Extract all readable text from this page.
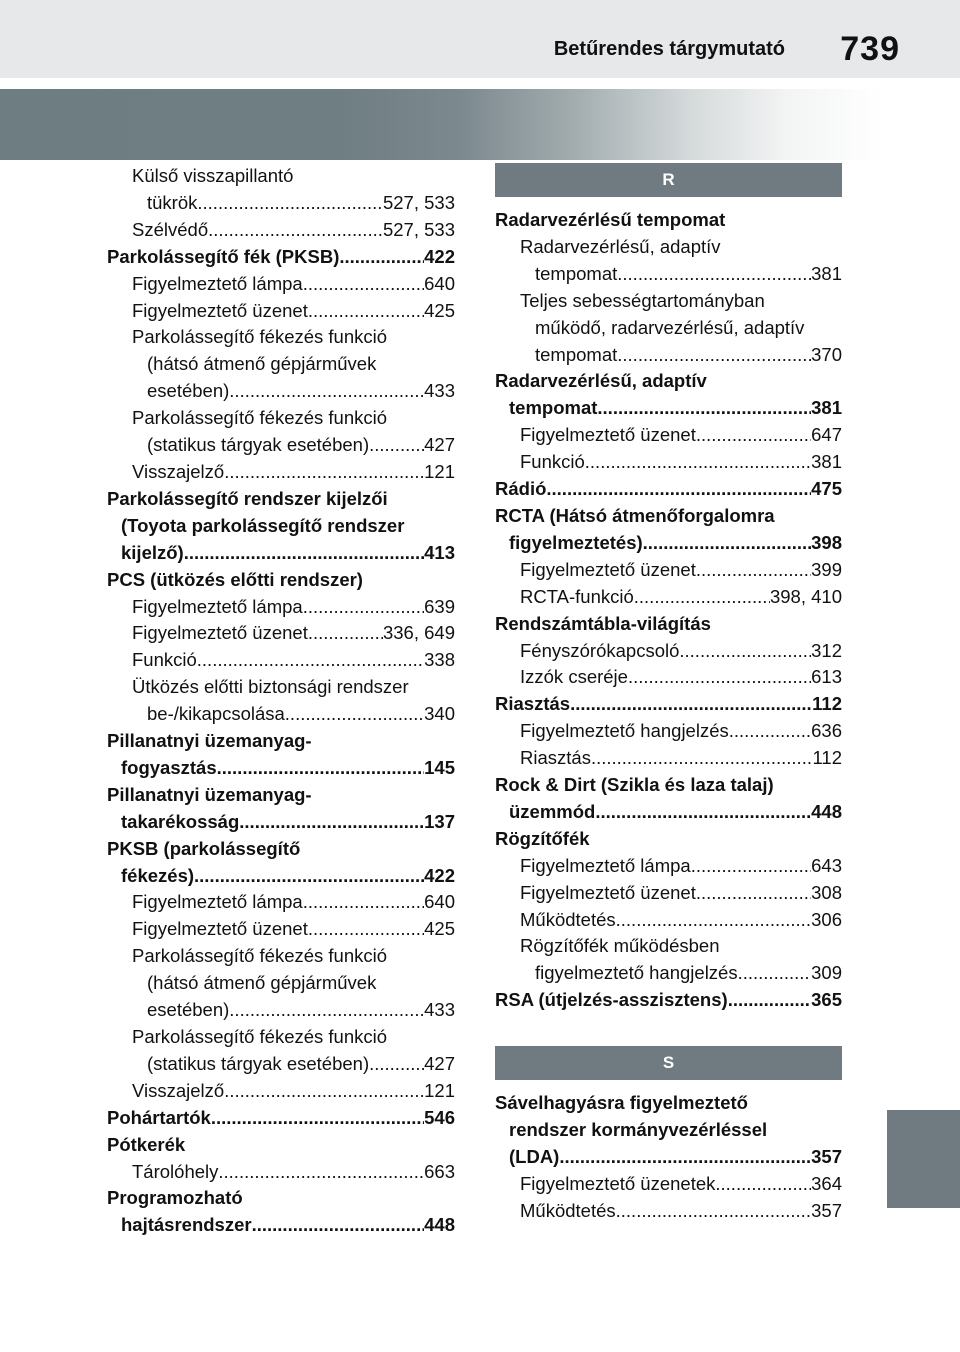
Betűrendes tárgymutató	739
Külső visszapillantó
tükrök .....	527, 533
Szélvédő .....	527, 533
Parkolássegítő fék (PKSB) .....	422
Figyelmeztető lámpa .....	640
Figyelmeztető üzenet .....	425
Parkolássegítő fékezés funkció
(hátsó átmenő gépjárművek
esetében) .....	433
Parkolássegítő fékezés funkció
(statikus tárgyak esetében) .....	427
Visszajelző .....	121
Parkolássegítő rendszer kijelzői
(Toyota parkolássegítő rendszer
kijelző) .....	413
PCS (ütközés előtti rendszer)
Figyelmeztető lámpa .....	639
Figyelmeztető üzenet .....	336, 649
Funkció .....	338
Ütközés előtti biztonsági rendszer
be-/kikapcsolása .....	340
Pillanatnyi üzemanyag-
fogyasztás .....	145
Pillanatnyi üzemanyag-
takarékosság .....	137
PKSB (parkolássegítő
fékezés) .....	422
Figyelmeztető lámpa .....	640
Figyelmeztető üzenet .....	425
Parkolássegítő fékezés funkció
(hátsó átmenő gépjárművek
esetében) .....	433
Parkolássegítő fékezés funkció
(statikus tárgyak esetében) .....	427
Visszajelző .....	121
Pohártartók .....	546
Pótkerék
Tárolóhely .....	663
Programozható
hajtásrendszer .....	448
R
Radarvezérlésű tempomat
Radarvezérlésű, adaptív
tempomat .....	381
Teljes sebességtartományban
működő, radarvezérlésű, adaptív
tempomat .....	370
Radarvezérlésű, adaptív
tempomat .....	381
Figyelmeztető üzenet .....	647
Funkció .....	381
Rádió .....	475
RCTA (Hátsó átmenőforgalomra
figyelmeztetés) .....	398
Figyelmeztető üzenet .....	399
RCTA-funkció .....	398, 410
Rendszámtábla-világítás
Fényszórókapcsoló .....	312
Izzók cseréje .....	613
Riasztás .....	112
Figyelmeztető hangjelzés .....	636
Riasztás .....	112
Rock & Dirt (Szikla és laza talaj)
üzemmód .....	448
Rögzítőfék
Figyelmeztető lámpa .....	643
Figyelmeztető üzenet .....	308
Működtetés .....	306
Rögzítőfék működésben
figyelmeztető hangjelzés .....	309
RSA (útjelzés-asszisztens) .....	365
S
Sávelhagyásra figyelmeztető
rendszer kormányvezérléssel
(LDA) .....	357
Figyelmeztető üzenetek .....	364
Működtetés .....	357
